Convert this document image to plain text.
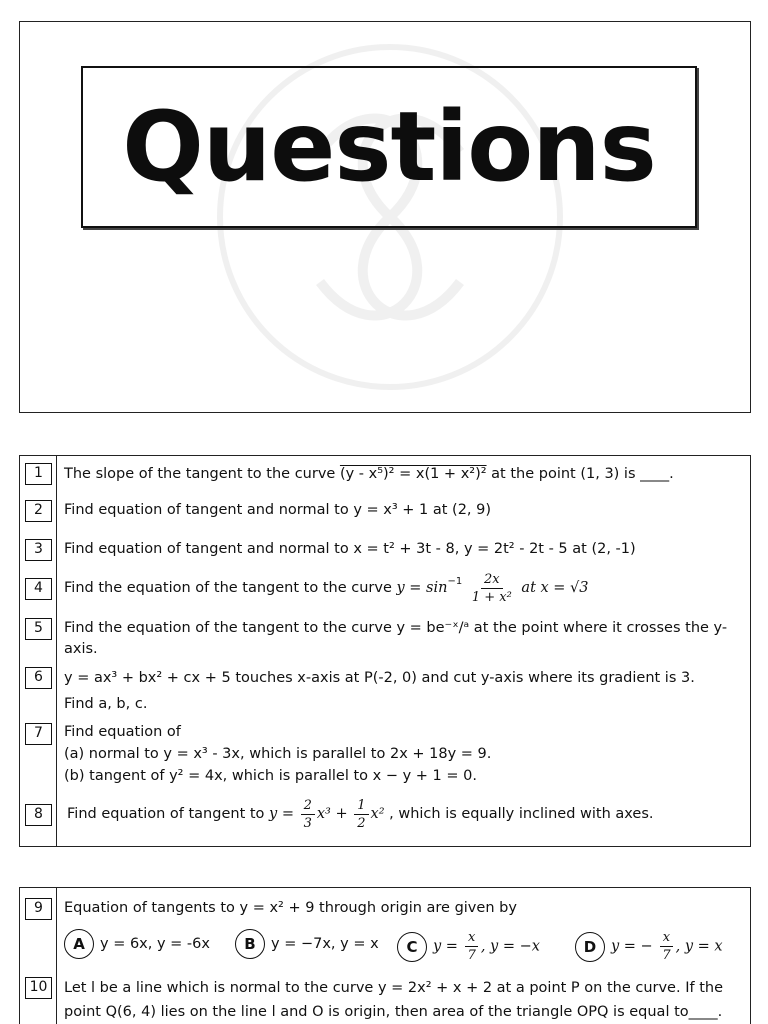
Questions
1	The slope of the tangent to the curve (y - x⁵)² = x(1 + x²)² at the point (1, 3) is ____.
2	Find equation of tangent and normal to y = x³ + 1 at (2, 9)
3	Find equation of tangent and normal to x = t² + 3t - 8, y = 2t² - 2t - 5 at (2, -1)
4	Find the equation of the tangent to the curve $y = \sin^{-1} \frac{2x}{\text{1 + x²}}$ at x = √3
5	Find the equation of the tangent to the curve y = be⁻ˣ/ᵃ at the point where it crosses the y-axis.
6	y = ax³ + bx² + cx + 5 touches x-axis at P(-2, 0) and cut y-axis where its gradient is 3.
Find a, b, c.
7	Find equation of
(a) normal to y = x³ - 3x, which is parallel to 2x + 18y = 9.
(b) tangent of y² = 4x, which is parallel to x − y + 1 = 0.
8	Find equation of tangent to $y = \frac{2}{3} x^3 + \frac{1}{2} x^2$ , which is equally inclined with axes.
9	Equation of tangents to y = x² + 9 through origin are given by
A	y = 6x, y = -6x	B	y = −7x, y = x	C	$y = \frac{x}{7}$ , y = −x	D	y = − $\frac{x}{7}$ , y = x
10	Let l be a line which is normal to the curve y = 2x² + x + 2 at a point P on the curve. If the
point Q(6, 4) lies on the line l and O is origin, then area of the triangle OPQ is equal to____.
